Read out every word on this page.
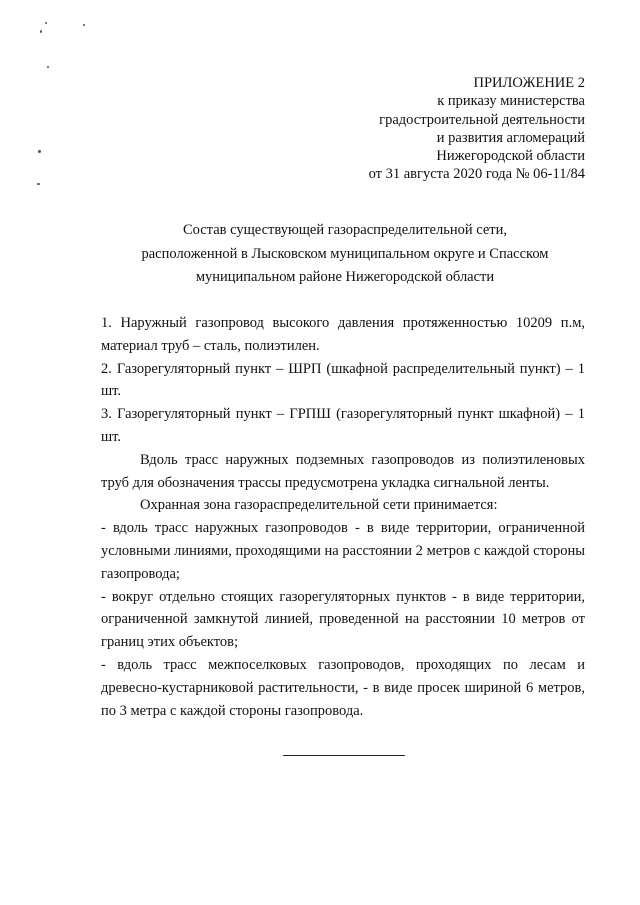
ПРИЛОЖЕНИЕ 2
к приказу министерства
градостроительной деятельности
и развития агломераций
Нижегородской области
от 31 августа 2020 года № 06-11/84
Состав существующей газораспределительной сети,
расположенной в Лысковском муниципальном округе и Спасском
муниципальном районе Нижегородской области

1. Наружный газопровод высокого давления протяженностью 10209 п.м, материал труб – сталь, полиэтилен.

2. Газорегуляторный пункт – ШРП (шкафной распределительный пункт) – 1 шт.

3. Газорегуляторный пункт – ГРПШ (газорегуляторный пункт шкафной) – 1 шт.

Вдоль трасс наружных подземных газопроводов из полиэтиленовых труб для обозначения трассы предусмотрена укладка сигнальной ленты.

Охранная зона газораспределительной сети принимается:

- вдоль трасс наружных газопроводов - в виде территории, ограниченной условными линиями, проходящими на расстоянии 2 метров с каждой стороны газопровода;

- вокруг отдельно стоящих газорегуляторных пунктов - в виде территории, ограниченной замкнутой линией, проведенной на расстоянии 10 метров от границ этих объектов;

- вдоль трасс межпоселковых газопроводов, проходящих по лесам и древесно-кустарниковой растительности, - в виде просек шириной 6 метров, по 3 метра с каждой стороны газопровода.
